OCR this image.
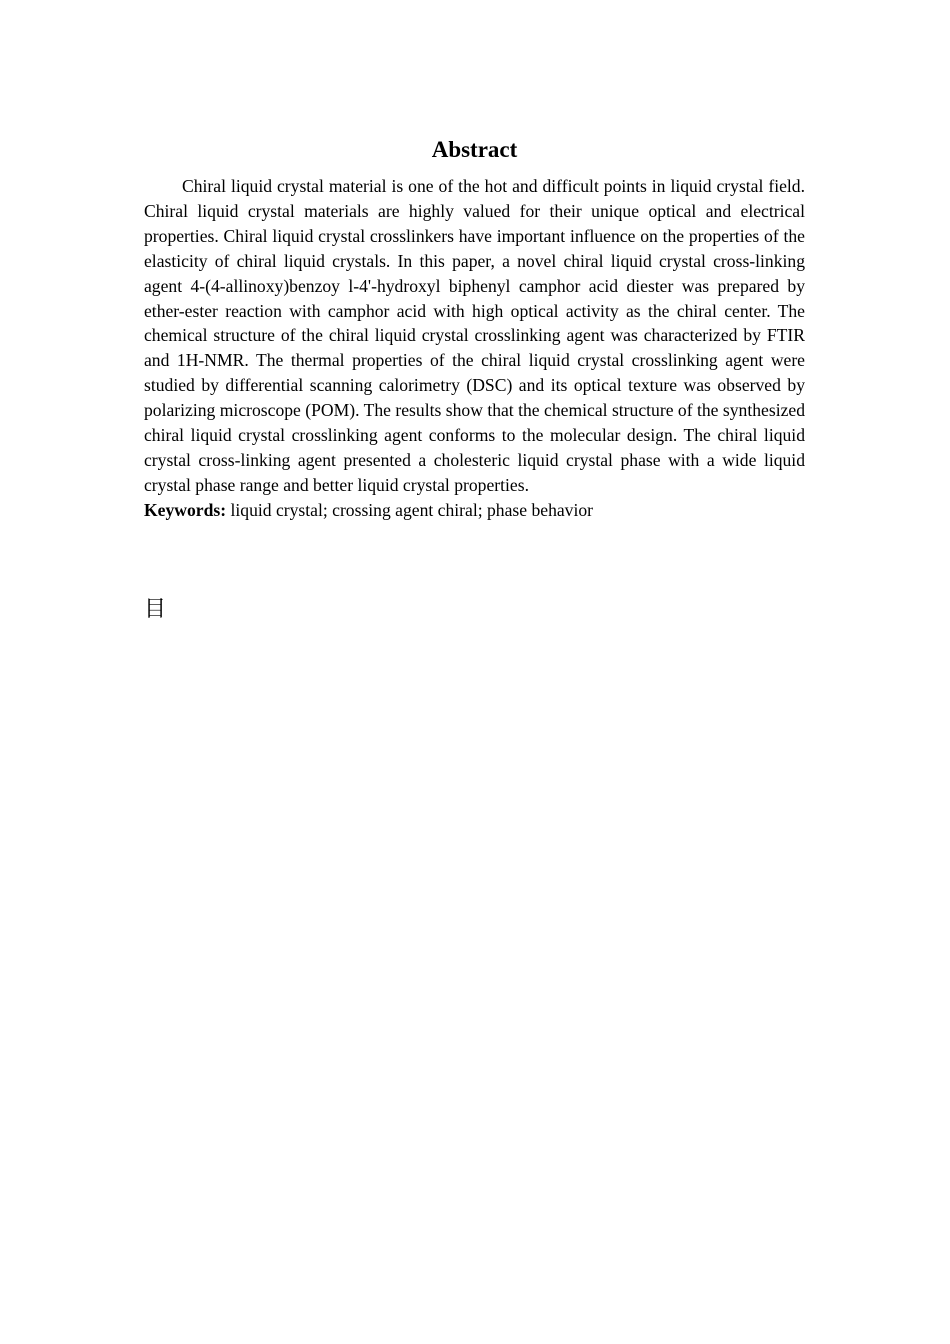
Abstract

Chiral liquid crystal material is one of the hot and difficult points in liquid crystal field. Chiral liquid crystal materials are highly valued for their unique optical and electrical properties. Chiral liquid crystal crosslinkers have important influence on the properties of the elasticity of chiral liquid crystals. In this paper, a novel chiral liquid crystal cross-linking agent 4-(4-allinoxy)benzoy l-4'-hydroxyl biphenyl camphor acid diester was prepared by ether-ester reaction with camphor acid with high optical activity as the chiral center. The chemical structure of the chiral liquid crystal crosslinking agent was characterized by FTIR and 1H-NMR. The thermal properties of the chiral liquid crystal crosslinking agent were studied by differential scanning calorimetry (DSC) and its optical texture was observed by polarizing microscope (POM). The results show that the chemical structure of the synthesized chiral liquid crystal crosslinking agent conforms to the molecular design. The chiral liquid crystal cross-linking agent presented a cholesteric liquid crystal phase with a wide liquid crystal phase range and better liquid crystal properties.

Keywords: liquid crystal; crossing agent chiral; phase behavior

目
